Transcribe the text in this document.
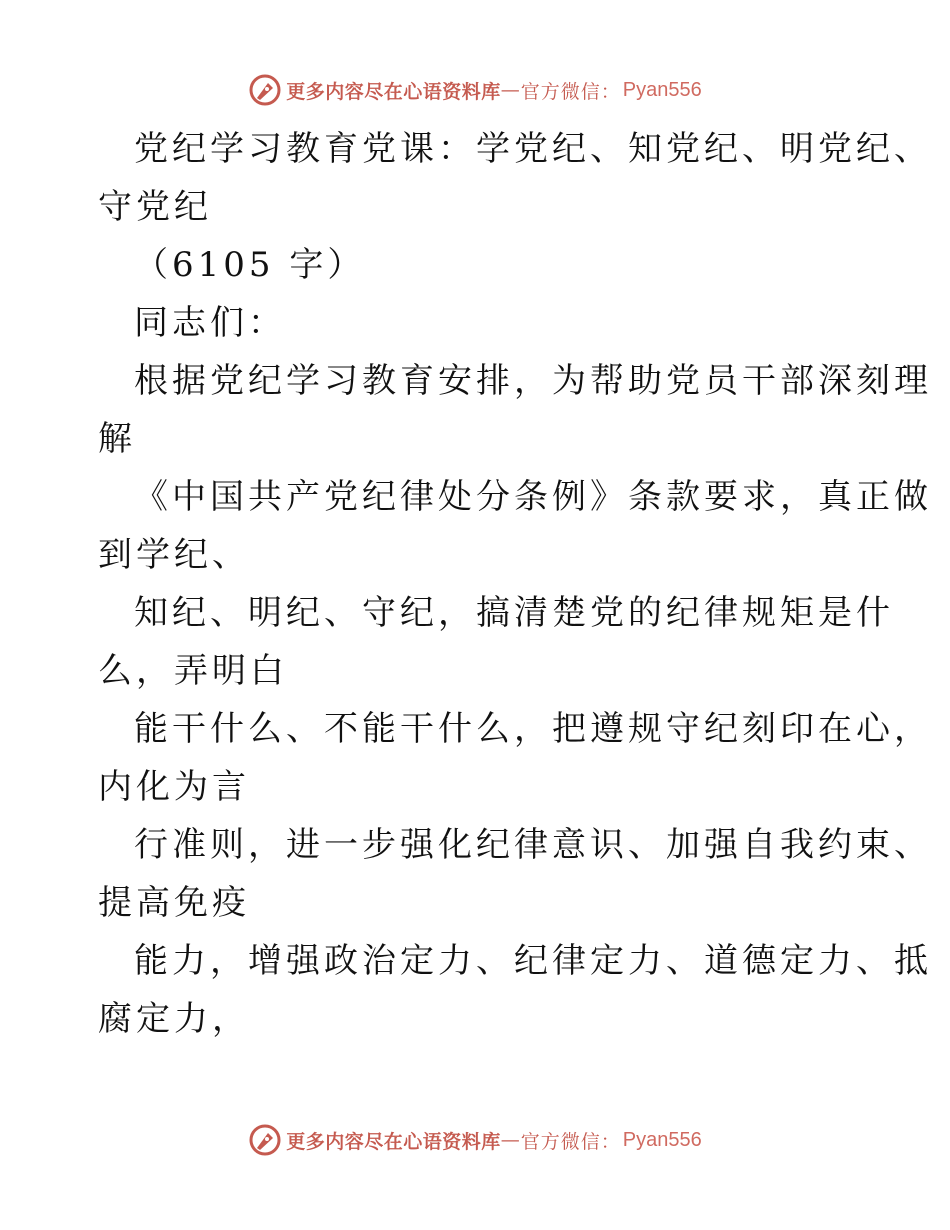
更多内容尽在心语资料库 — 官方微信： Pyan556
党纪学习教育党课：学党纪、知党纪、明党纪、
守党纪
（6105 字）
同志们：
根据党纪学习教育安排，为帮助党员干部深刻理
解
《中国共产党纪律处分条例》条款要求，真正做
到学纪、
知纪、明纪、守纪，搞清楚党的纪律规矩是什
么，弄明白
能干什么、不能干什么，把遵规守纪刻印在心，
内化为言
行准则，进一步强化纪律意识、加强自我约束、
提高免疫
能力，增强政治定力、纪律定力、道德定力、抵
腐定力，
更多内容尽在心语资料库 — 官方微信： Pyan556
